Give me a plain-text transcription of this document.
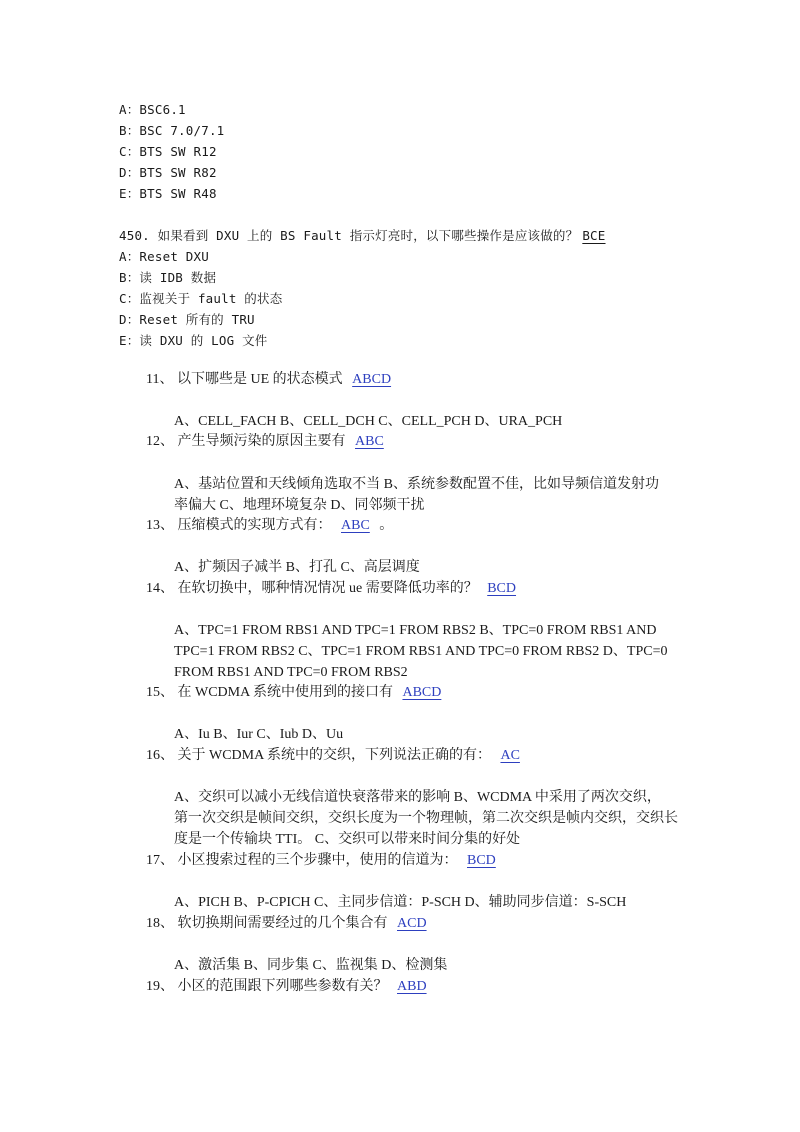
A：BSC6.1
B：BSC 7.0/7.1
C：BTS SW R12
D：BTS SW R82
E：BTS SW R48
450. 如果看到 DXU 上的 BS Fault 指示灯亮时，以下哪些操作是应该做的？ BCE
A：Reset DXU
B：读 IDB 数据
C：监视关于 fault 的状态
D：Reset 所有的 TRU
E：读 DXU 的 LOG 文件
11、 以下哪些是 UE 的状态模式 ABCD
A、CELL_FACH B、CELL_DCH C、CELL_PCH D、URA_PCH
12、 产生导频污染的原因主要有 ABC
A、基站位置和天线倾角选取不当 B、系统参数配置不佳，比如导频信道发射功
率偏大 C、地理环境复杂 D、同邻频干扰
13、 压缩模式的实现方式有： ABC 。
A、扩频因子减半 B、打孔 C、高层调度
14、 在软切换中，哪种情况情况 ue 需要降低功率的？ BCD
A、TPC=1 FROM RBS1 AND TPC=1 FROM RBS2 B、TPC=0 FROM RBS1 AND
TPC=1 FROM RBS2 C、TPC=1 FROM RBS1 AND TPC=0 FROM RBS2 D、TPC=0
FROM RBS1 AND TPC=0 FROM RBS2
15、 在 WCDMA 系统中使用到的接口有 ABCD
A、Iu B、Iur C、Iub D、Uu
16、 关于 WCDMA 系统中的交织，下列说法正确的有： AC
A、交织可以减小无线信道快衰落带来的影响 B、WCDMA 中采用了两次交织，
第一次交织是帧间交织，交织长度为一个物理帧，第二次交织是帧内交织，交织长
度是一个传输块 TTI。 C、交织可以带来时间分集的好处
17、 小区搜索过程的三个步骤中，使用的信道为： BCD
A、PICH B、P-CPICH C、主同步信道：P-SCH D、辅助同步信道：S-SCH
18、 软切换期间需要经过的几个集合有 ACD
A、激活集 B、同步集 C、监视集 D、检测集
19、 小区的范围跟下列哪些参数有关？ ABD
